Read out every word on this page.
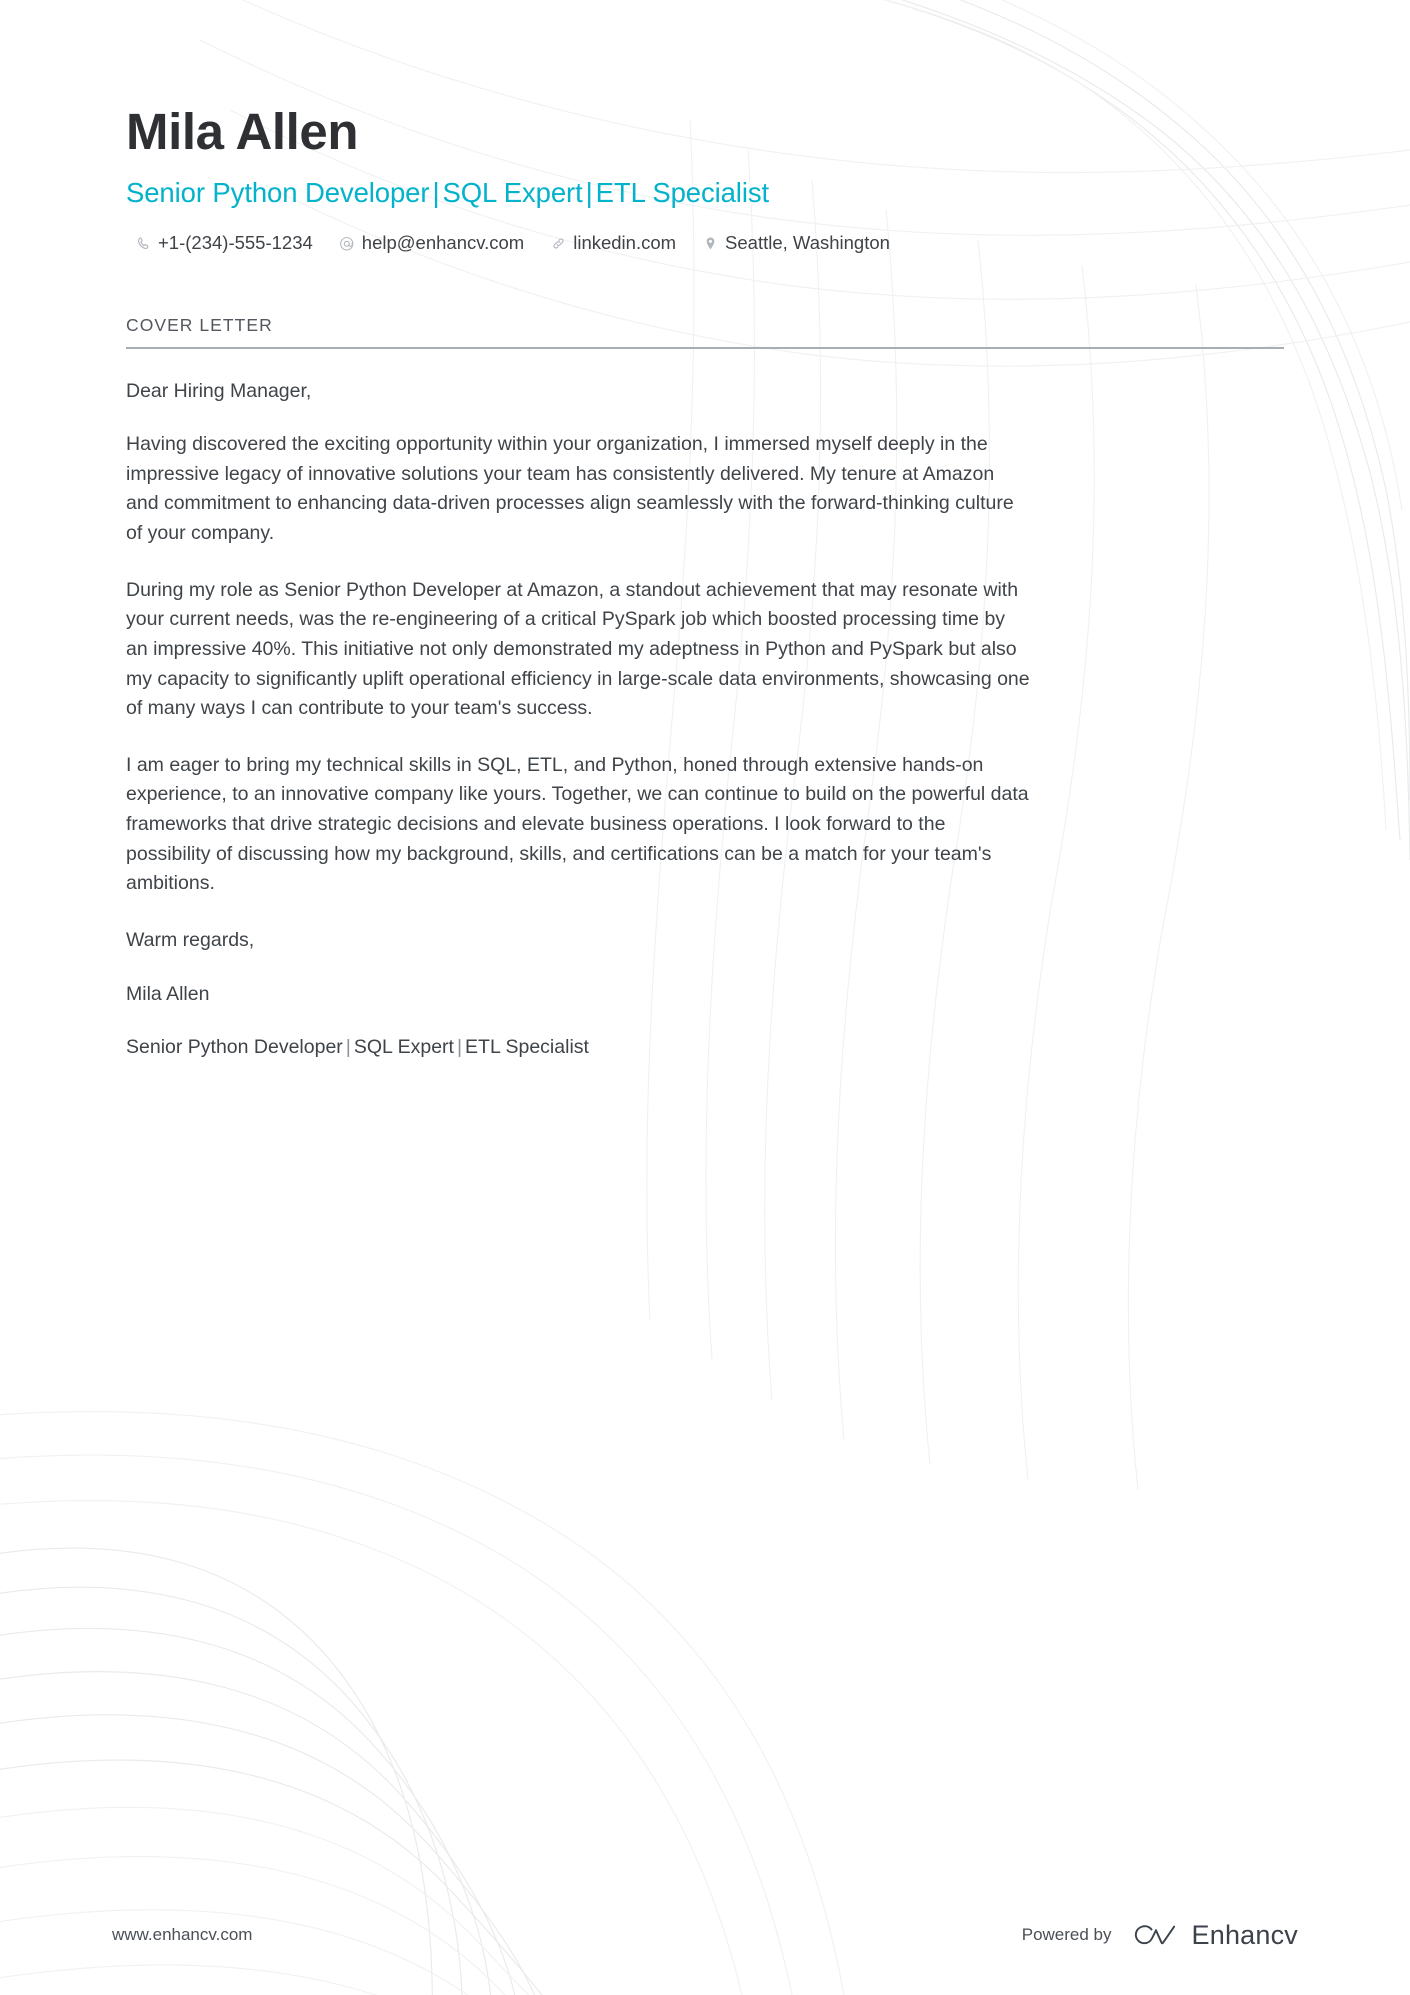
Mila Allen
Senior Python Developer | SQL Expert | ETL Specialist
+1-(234)-555-1234	help@enhancv.com	linkedin.com	Seattle, Washington
COVER LETTER

Dear Hiring Manager,

Having discovered the exciting opportunity within your organization, I immersed myself deeply in the impressive legacy of innovative solutions your team has consistently delivered. My tenure at Amazon and commitment to enhancing data-driven processes align seamlessly with the forward-thinking culture of your company.

During my role as Senior Python Developer at Amazon, a standout achievement that may resonate with your current needs, was the re-engineering of a critical PySpark job which boosted processing time by an impressive 40%. This initiative not only demonstrated my adeptness in Python and PySpark but also my capacity to significantly uplift operational efficiency in large-scale data environments, showcasing one of many ways I can contribute to your team's success.

I am eager to bring my technical skills in SQL, ETL, and Python, honed through extensive hands-on experience, to an innovative company like yours. Together, we can continue to build on the powerful data frameworks that drive strategic decisions and elevate business operations. I look forward to the possibility of discussing how my background, skills, and certifications can be a match for your team's ambitions.

Warm regards,

Mila Allen

Senior Python Developer | SQL Expert | ETL Specialist

www.enhancv.com	Powered by	Enhancv
